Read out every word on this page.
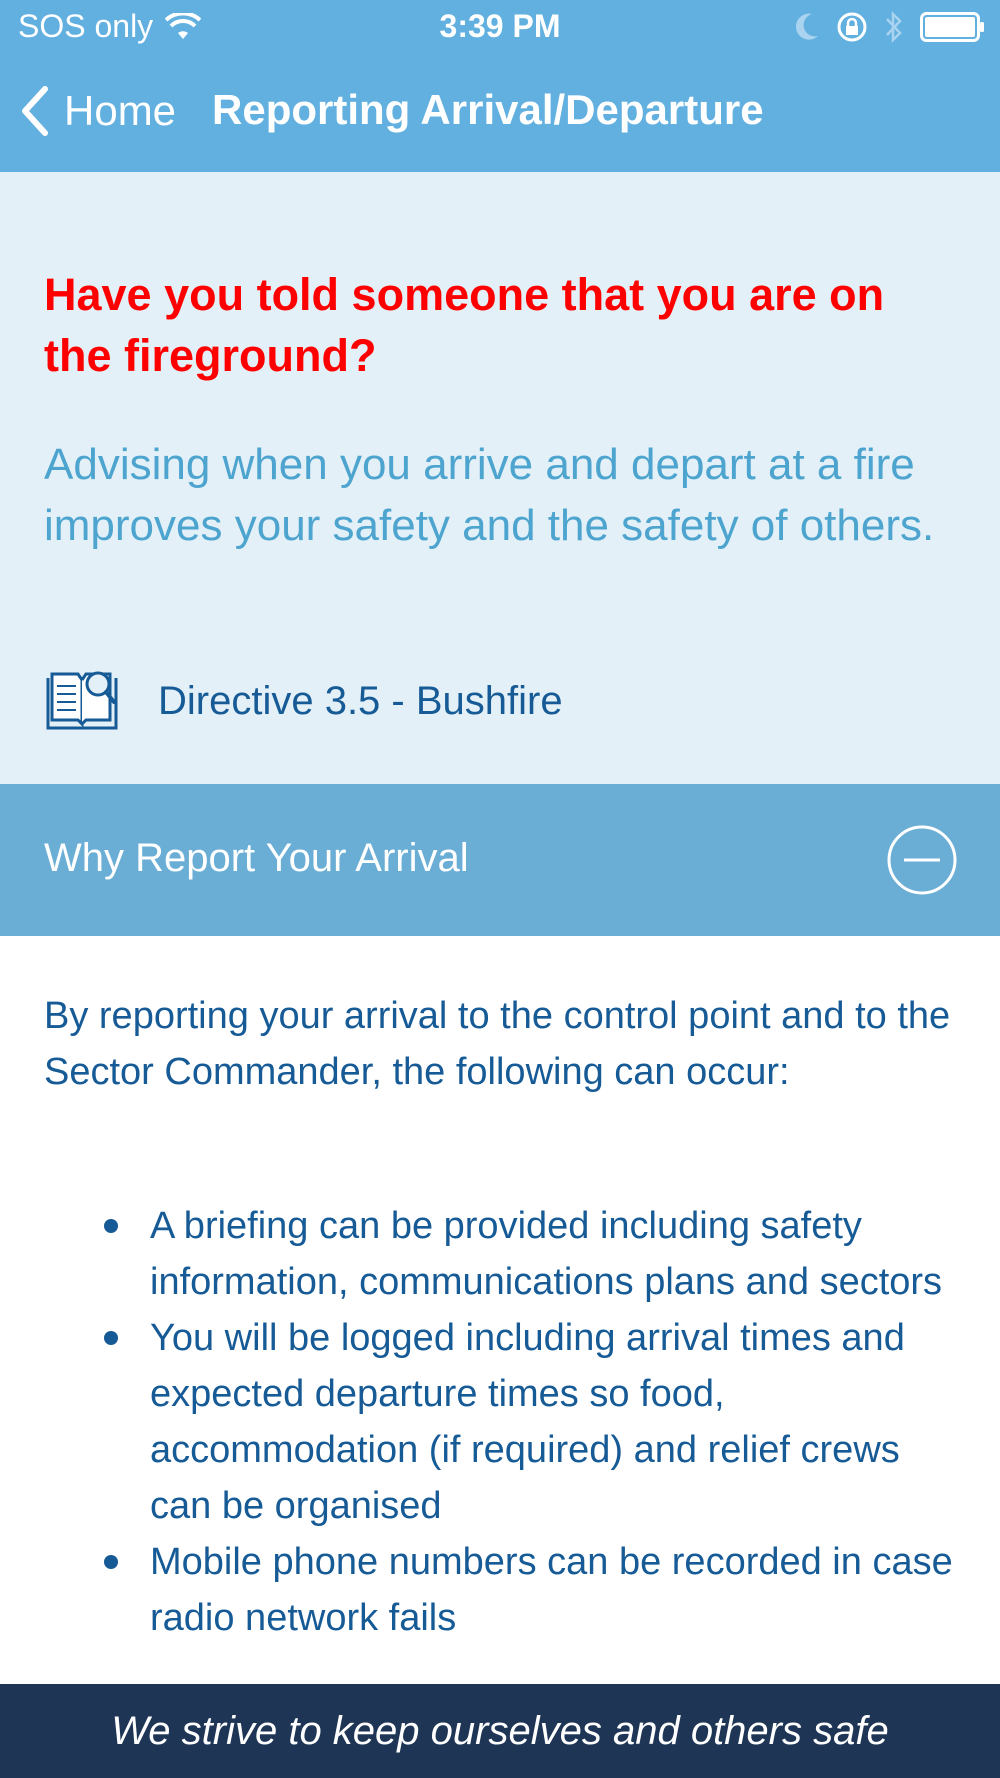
SOS only	3:39 PM
Home Reporting Arrival/Departure
Have you told someone that you are on the fireground?
Advising when you arrive and depart at a fire improves your safety and the safety of others.
Directive 3.5 - Bushfire
Why Report Your Arrival
By reporting your arrival to the control point and to the Sector Commander, the following can occur:
A briefing can be provided including safety information, communications plans and sectors
You will be logged including arrival times and expected departure times so food, accommodation (if required) and relief crews can be organised
Mobile phone numbers can be recorded in case radio network fails
We strive to keep ourselves and others safe
